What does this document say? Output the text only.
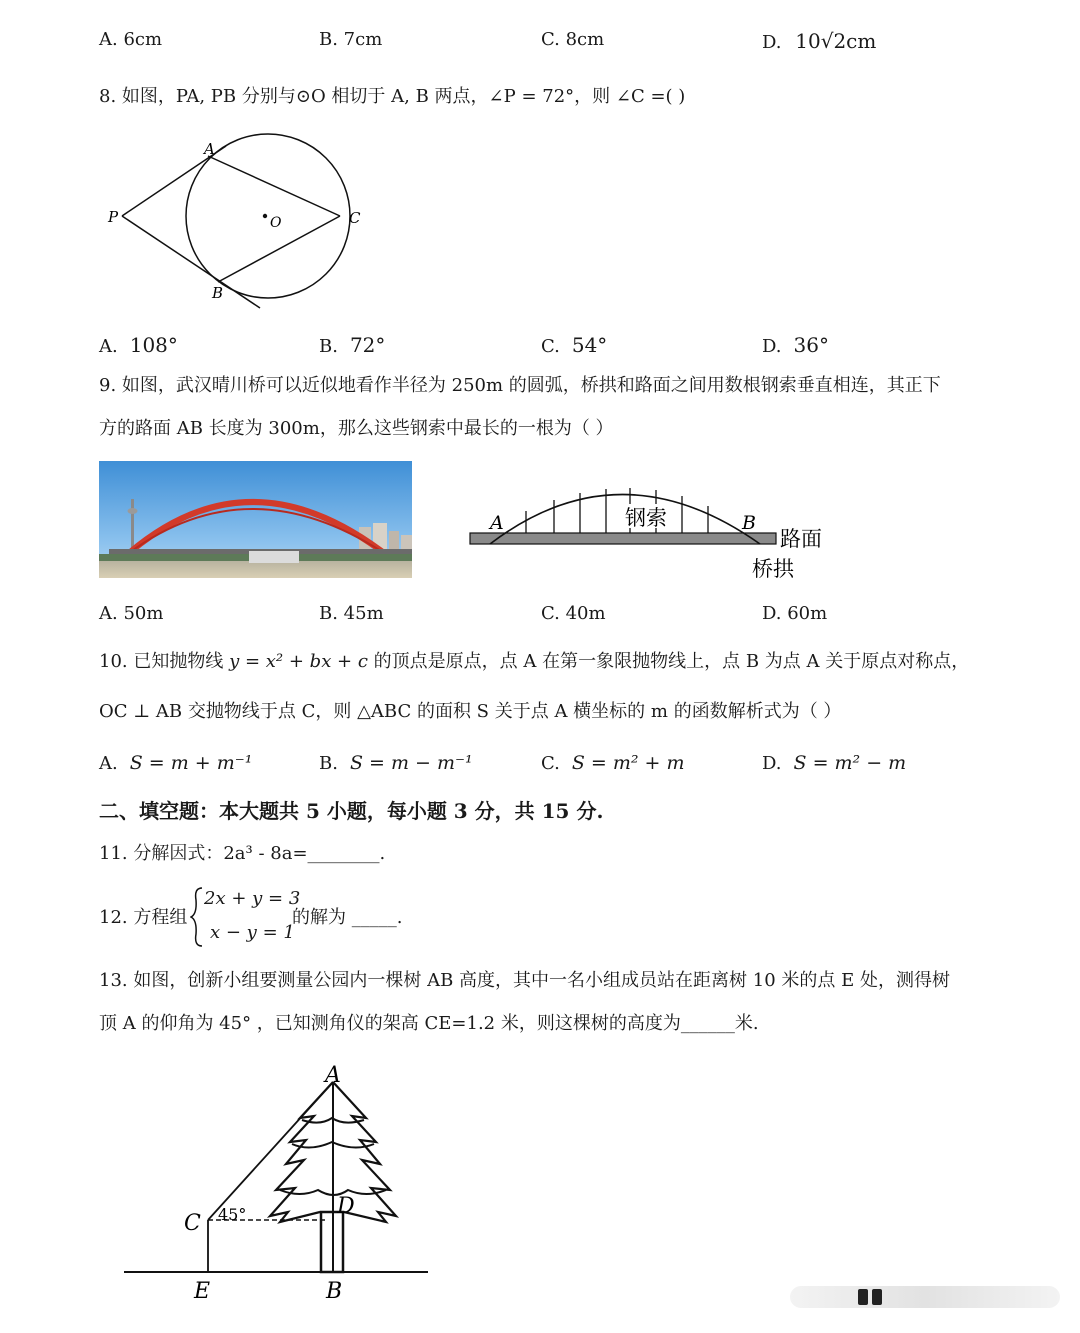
A. 6cm	B. 7cm	C. 8cm	D. 10√2cm
8. 如图，PA, PB 分别与⊙O 相切于 A, B 两点，∠P = 72°，则 ∠C =( )
A
P	O	C
B
A. 108°	B. 72°	C. 54°	D. 36°
9. 如图，武汉晴川桥可以近似地看作半径为 250m 的圆弧，桥拱和路面之间用数根钢索垂直相连，其正下
方的路面 AB 长度为 300m，那么这些钢索中最长的一根为（ ）
钢索
A	B
路面
桥拱
A. 50m	B. 45m	C. 40m	D. 60m
10. 已知抛物线 y = x² + bx + c 的顶点是原点，点 A 在第一象限抛物线上，点 B 为点 A 关于原点对称点，
OC ⊥ AB 交抛物线于点 C，则 △ABC 的面积 S 关于点 A 横坐标的 m 的函数解析式为（ ）
A. S = m + m⁻¹	B. S = m − m⁻¹	C. S = m² + m	D. S = m² − m
二、填空题：本大题共 5 小题，每小题 3 分，共 15 分.
11. 分解因式：2a³ - 8a=________.
12. 方程组
2x + y = 3
x − y = 1
的解为 _____.
13. 如图，创新小组要测量公园内一棵树 AB 高度，其中一名小组成员站在距离树 10 米的点 E 处，测得树
顶 A 的仰角为 45° ，已知测角仪的架高 CE=1.2 米，则这棵树的高度为______米.
A
C 45°	D
E	B
